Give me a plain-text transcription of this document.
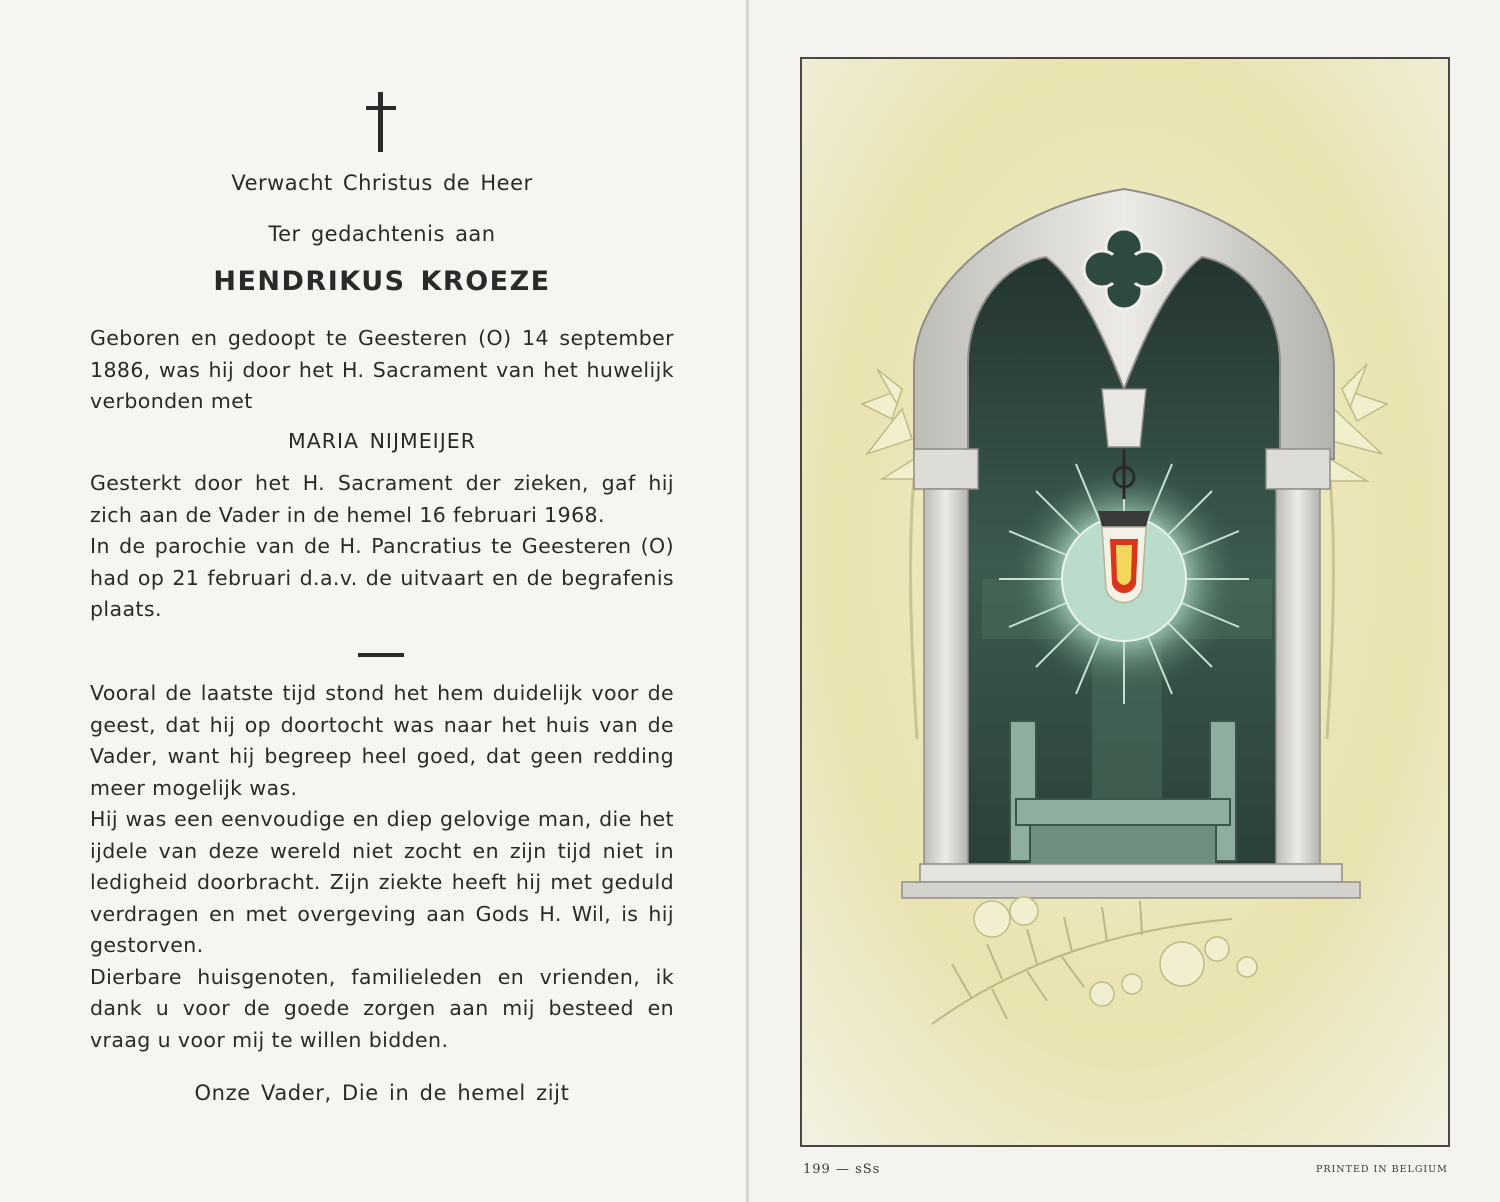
Verwacht Christus de Heer
Ter gedachtenis aan
HENDRIKUS KROEZE

Geboren en gedoopt te Geesteren (O) 14 september 1886, was hij door het H. Sacrament van het huwelijk verbonden met

MARIA NIJMEIJER

Gesterkt door het H. Sacrament der zieken, gaf hij zich aan de Vader in de hemel 16 februari 1968.

In de parochie van de H. Pancratius te Geesteren (O) had op 21 februari d.a.v. de uitvaart en de begrafenis plaats.

Vooral de laatste tijd stond het hem duidelijk voor de geest, dat hij op doortocht was naar het huis van de Vader, want hij begreep heel goed, dat geen redding meer mogelijk was.

Hij was een eenvoudige en diep gelovige man, die het ijdele van deze wereld niet zocht en zijn tijd niet in ledigheid doorbracht. Zijn ziekte heeft hij met geduld verdragen en met overgeving aan Gods H. Wil, is hij gestorven.

Dierbare huisgenoten, familieleden en vrienden, ik dank u voor de goede zorgen aan mij besteed en vraag u voor mij te willen bidden.

Onze Vader, Die in de hemel zijt
199 — sSs	PRINTED IN BELGIUM
